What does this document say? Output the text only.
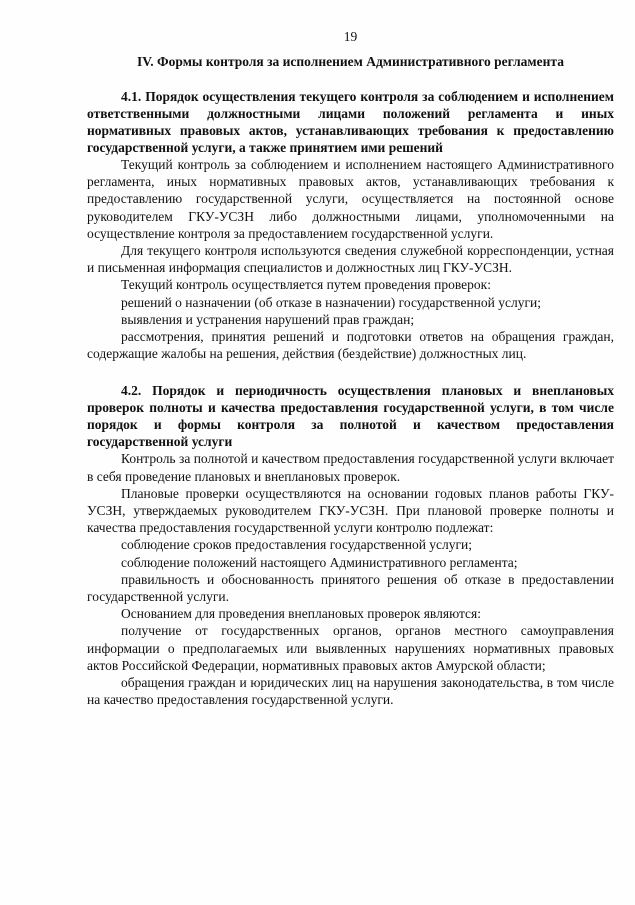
19
IV. Формы контроля за исполнением Административного регламента
4.1. Порядок осуществления текущего контроля за соблюдением и исполнением ответственными должностными лицами положений регламента и иных нормативных правовых актов, устанавливающих требования к предоставлению государственной услуги, а также принятием ими решений

Текущий контроль за соблюдением и исполнением настоящего Административного регламента, иных нормативных правовых актов, устанавливающих требования к предоставлению государственной услуги, осуществляется на постоянной основе руководителем ГКУ-УСЗН либо должностными лицами, уполномоченными на осуществление контроля за предоставлением государственной услуги.

Для текущего контроля используются сведения служебной корреспонденции, устная и письменная информация специалистов и должностных лиц ГКУ-УСЗН.

Текущий контроль осуществляется путем проведения проверок:

решений о назначении (об отказе в назначении) государственной услуги;

выявления и устранения нарушений прав граждан;

рассмотрения, принятия решений и подготовки ответов на обращения граждан, содержащие жалобы на решения, действия (бездействие) должностных лиц.

4.2. Порядок и периодичность осуществления плановых и внеплановых проверок полноты и качества предоставления государственной услуги, в том числе порядок и формы контроля за полнотой и качеством предоставления государственной услуги

Контроль за полнотой и качеством предоставления государственной услуги включает в себя проведение плановых и внеплановых проверок.

Плановые проверки осуществляются на основании годовых планов работы ГКУ-УСЗН, утверждаемых руководителем ГКУ-УСЗН. При плановой проверке полноты и качества предоставления государственной услуги контролю подлежат:

соблюдение сроков предоставления государственной услуги;

соблюдение положений настоящего Административного регламента;

правильность и обоснованность принятого решения об отказе в предоставлении государственной услуги.

Основанием для проведения внеплановых проверок являются:

получение от государственных органов, органов местного самоуправления информации о предполагаемых или выявленных нарушениях нормативных правовых актов Российской Федерации, нормативных правовых актов Амурской области;

обращения граждан и юридических лиц на нарушения законодательства, в том числе на качество предоставления государственной услуги.
